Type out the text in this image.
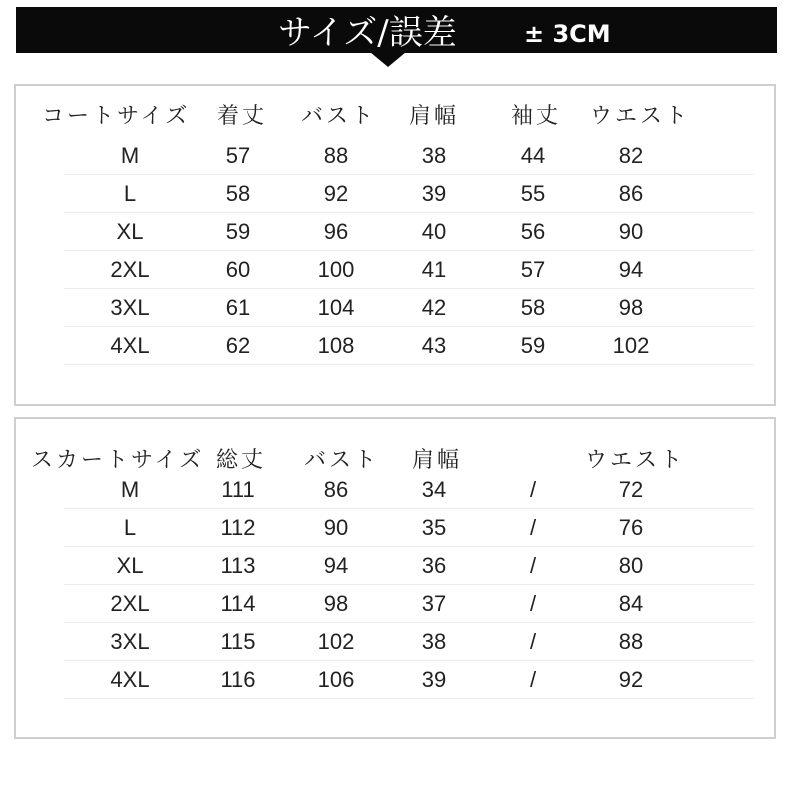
サイズ/誤差	± 3CM
コートサイズ 着丈 バスト 肩幅 袖丈 ウエスト
M	57	88	38	44	82
L	58	92	39	55	86
XL	59	96	40	56	90
2XL	60	100	41	57	94
3XL	61	104	42	58	98
4XL	62	108	43	59	102
スカートサイズ 総丈 バスト 肩幅	ウエスト
M	111	86	34	/	72
L	112	90	35	/	76
XL	113	94	36	/	80
2XL	114	98	37	/	84
3XL	115	102	38	/	88
4XL	116	106	39	/	92
